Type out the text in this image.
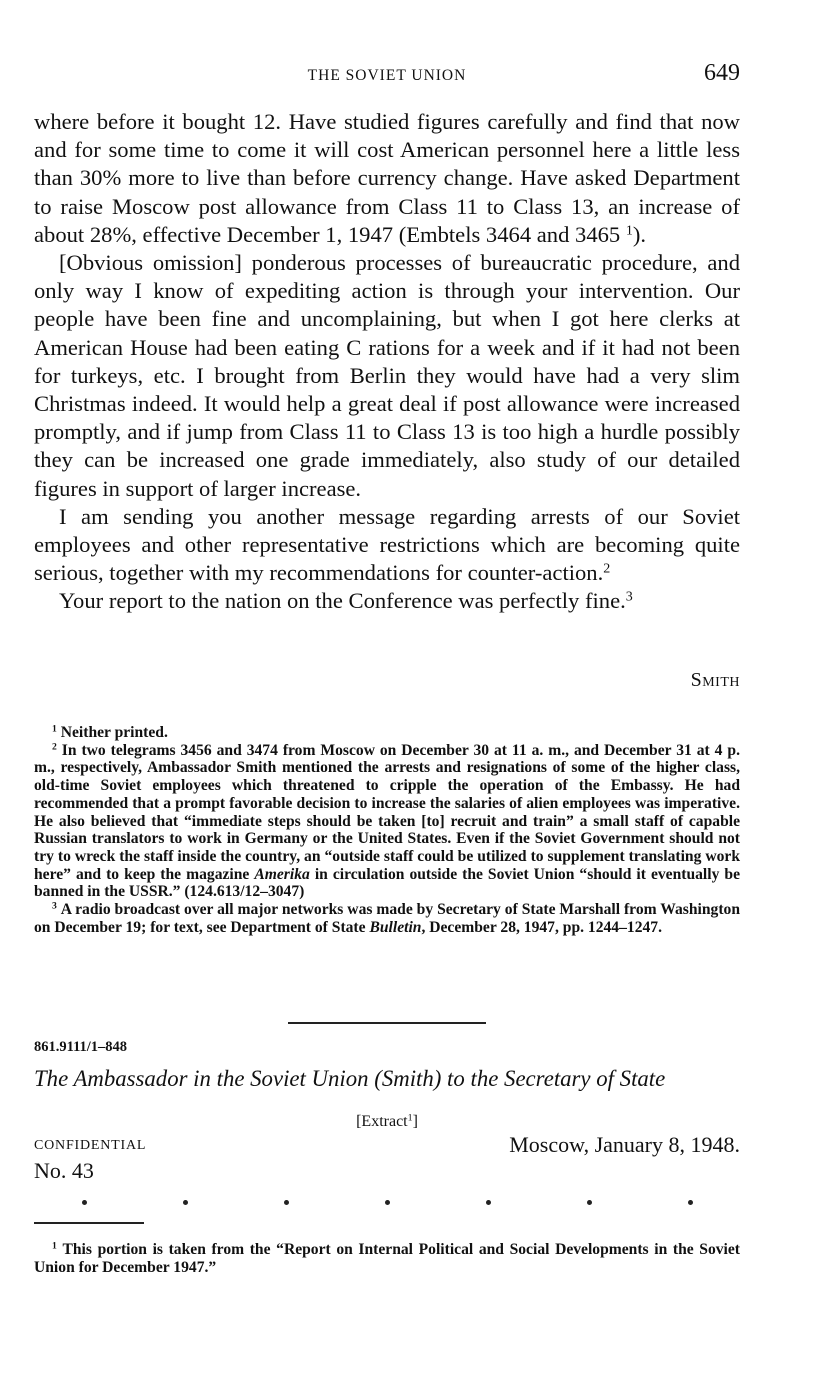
THE SOVIET UNION	649

where before it bought 12. Have studied figures carefully and find that now and for some time to come it will cost American personnel here a little less than 30% more to live than before currency change. Have asked Department to raise Moscow post allowance from Class 11 to Class 13, an increase of about 28%, effective December 1, 1947 (Embtels 3464 and 3465 $^1$).

[Obvious omission] ponderous processes of bureaucratic procedure, and only way I know of expediting action is through your intervention. Our people have been fine and uncomplaining, but when I got here clerks at American House had been eating C rations for a week and if it had not been for turkeys, etc. I brought from Berlin they would have had a very slim Christmas indeed. It would help a great deal if post allowance were increased promptly, and if jump from Class 11 to Class 13 is too high a hurdle possibly they can be increased one grade immediately, also study of our detailed figures in support of larger increase.

I am sending you another message regarding arrests of our Soviet employees and other representative restrictions which are becoming quite serious, together with my recommendations for counter-action.$^2$

Your report to the nation on the Conference was perfectly fine.$^3$

Smith

$^1$ Neither printed.

$^2$ In two telegrams 3456 and 3474 from Moscow on December 30 at 11 a. m., and December 31 at 4 p. m., respectively, Ambassador Smith mentioned the arrests and resignations of some of the higher class, old-time Soviet employees which threatened to cripple the operation of the Embassy. He had recommended that a prompt favorable decision to increase the salaries of alien employees was imperative. He also believed that “immediate steps should be taken [to] recruit and train” a small staff of capable Russian translators to work in Germany or the United States. Even if the Soviet Government should not try to wreck the staff inside the country, an “outside staff could be utilized to supplement translating work here” and to keep the magazine Amerika in circulation outside the Soviet Union “should it eventually be banned in the USSR.” (124.613/12–3047)

$^3$ A radio broadcast over all major networks was made by Secretary of State Marshall from Washington on December 19; for text, see Department of State Bulletin, December 28, 1947, pp. 1244–1247.

861.9111/1–848
The Ambassador in the Soviet Union (Smith) to the Secretary of State
[Extract$^1$]
CONFIDENTIAL	Moscow, January 8, 1948.
No. 43

$^1$ This portion is taken from the “Report on Internal Political and Social Developments in the Soviet Union for December 1947.”
